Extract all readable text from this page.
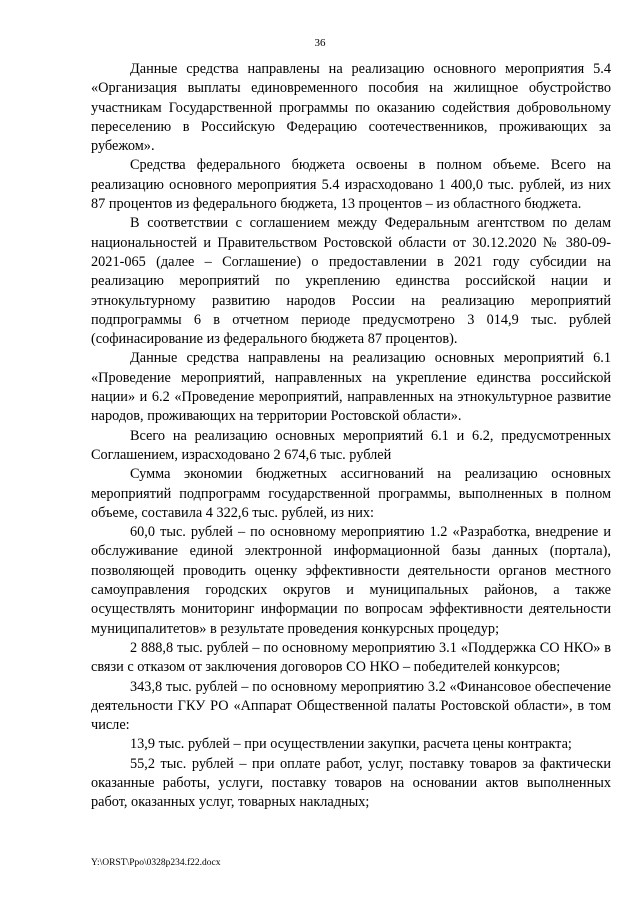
36

Данные средства направлены на реализацию основного мероприятия 5.4 «Организация выплаты единовременного пособия на жилищное обустройство участникам Государственной программы по оказанию содействия добровольному переселению в Российскую Федерацию соотечественников, проживающих за рубежом».

Средства федерального бюджета освоены в полном объеме. Всего на реализацию основного мероприятия 5.4 израсходовано 1 400,0 тыс. рублей, из них 87 процентов из федерального бюджета, 13 процентов – из областного бюджета.

В соответствии с соглашением между Федеральным агентством по делам национальностей и Правительством Ростовской области от 30.12.2020 № 380-09-2021-065 (далее – Соглашение) о предоставлении в 2021 году субсидии на реализацию мероприятий по укреплению единства российской нации и этнокультурному развитию народов России на реализацию мероприятий подпрограммы 6 в отчетном периоде предусмотрено 3 014,9 тыс. рублей (софинасирование из федерального бюджета 87 процентов).

Данные средства направлены на реализацию основных мероприятий 6.1 «Проведение мероприятий, направленных на укрепление единства российской нации» и 6.2 «Проведение мероприятий, направленных на этнокультурное развитие народов, проживающих на территории Ростовской области».

Всего на реализацию основных мероприятий 6.1 и 6.2, предусмотренных Соглашением, израсходовано 2 674,6 тыс. рублей

Сумма экономии бюджетных ассигнований на реализацию основных мероприятий подпрограмм государственной программы, выполненных в полном объеме, составила 4 322,6 тыс. рублей, из них:

60,0 тыс. рублей – по основному мероприятию 1.2 «Разработка, внедрение и обслуживание единой электронной информационной базы данных (портала), позволяющей проводить оценку эффективности деятельности органов местного самоуправления городских округов и муниципальных районов, а также осуществлять мониторинг информации по вопросам эффективности деятельности муниципалитетов» в результате проведения конкурсных процедур;

2 888,8 тыс. рублей – по основному мероприятию 3.1 «Поддержка СО НКО» в связи с отказом от заключения договоров СО НКО – победителей конкурсов;

343,8 тыс. рублей – по основному мероприятию 3.2 «Финансовое обеспечение деятельности ГКУ РО «Аппарат Общественной палаты Ростовской области», в том числе:

13,9 тыс. рублей – при осуществлении закупки, расчета цены контракта;

55,2 тыс. рублей – при оплате работ, услуг, поставку товаров за фактически оказанные работы, услуги, поставку товаров на основании актов выполненных работ, оказанных услуг, товарных накладных;

Y:\ORST\Ppo\0328p234.f22.docx
